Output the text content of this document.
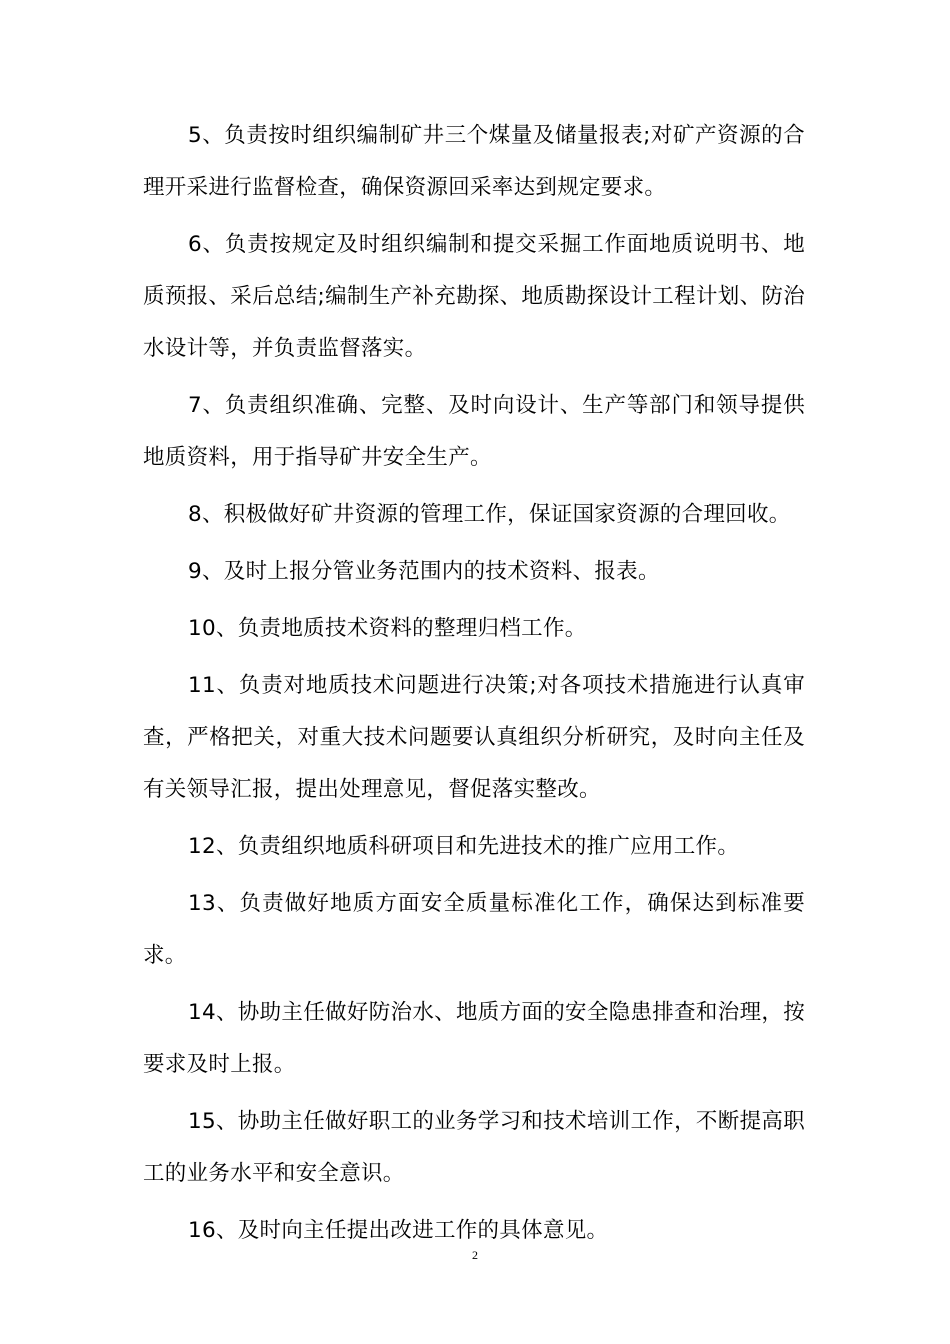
5、负责按时组织编制矿井三个煤量及储量报表;对矿产资源的合理开采进行监督检查，确保资源回采率达到规定要求。

6、负责按规定及时组织编制和提交采掘工作面地质说明书、地质预报、采后总结;编制生产补充勘探、地质勘探设计工程计划、防治水设计等，并负责监督落实。

7、负责组织准确、完整、及时向设计、生产等部门和领导提供地质资料，用于指导矿井安全生产。

8、积极做好矿井资源的管理工作，保证国家资源的合理回收。

9、及时上报分管业务范围内的技术资料、报表。

10、负责地质技术资料的整理归档工作。

11、负责对地质技术问题进行决策;对各项技术措施进行认真审查，严格把关，对重大技术问题要认真组织分析研究，及时向主任及有关领导汇报，提出处理意见，督促落实整改。

12、负责组织地质科研项目和先进技术的推广应用工作。

13、负责做好地质方面安全质量标准化工作，确保达到标准要求。

14、协助主任做好防治水、地质方面的安全隐患排查和治理，按要求及时上报。

15、协助主任做好职工的业务学习和技术培训工作，不断提高职工的业务水平和安全意识。

16、及时向主任提出改进工作的具体意见。

2
